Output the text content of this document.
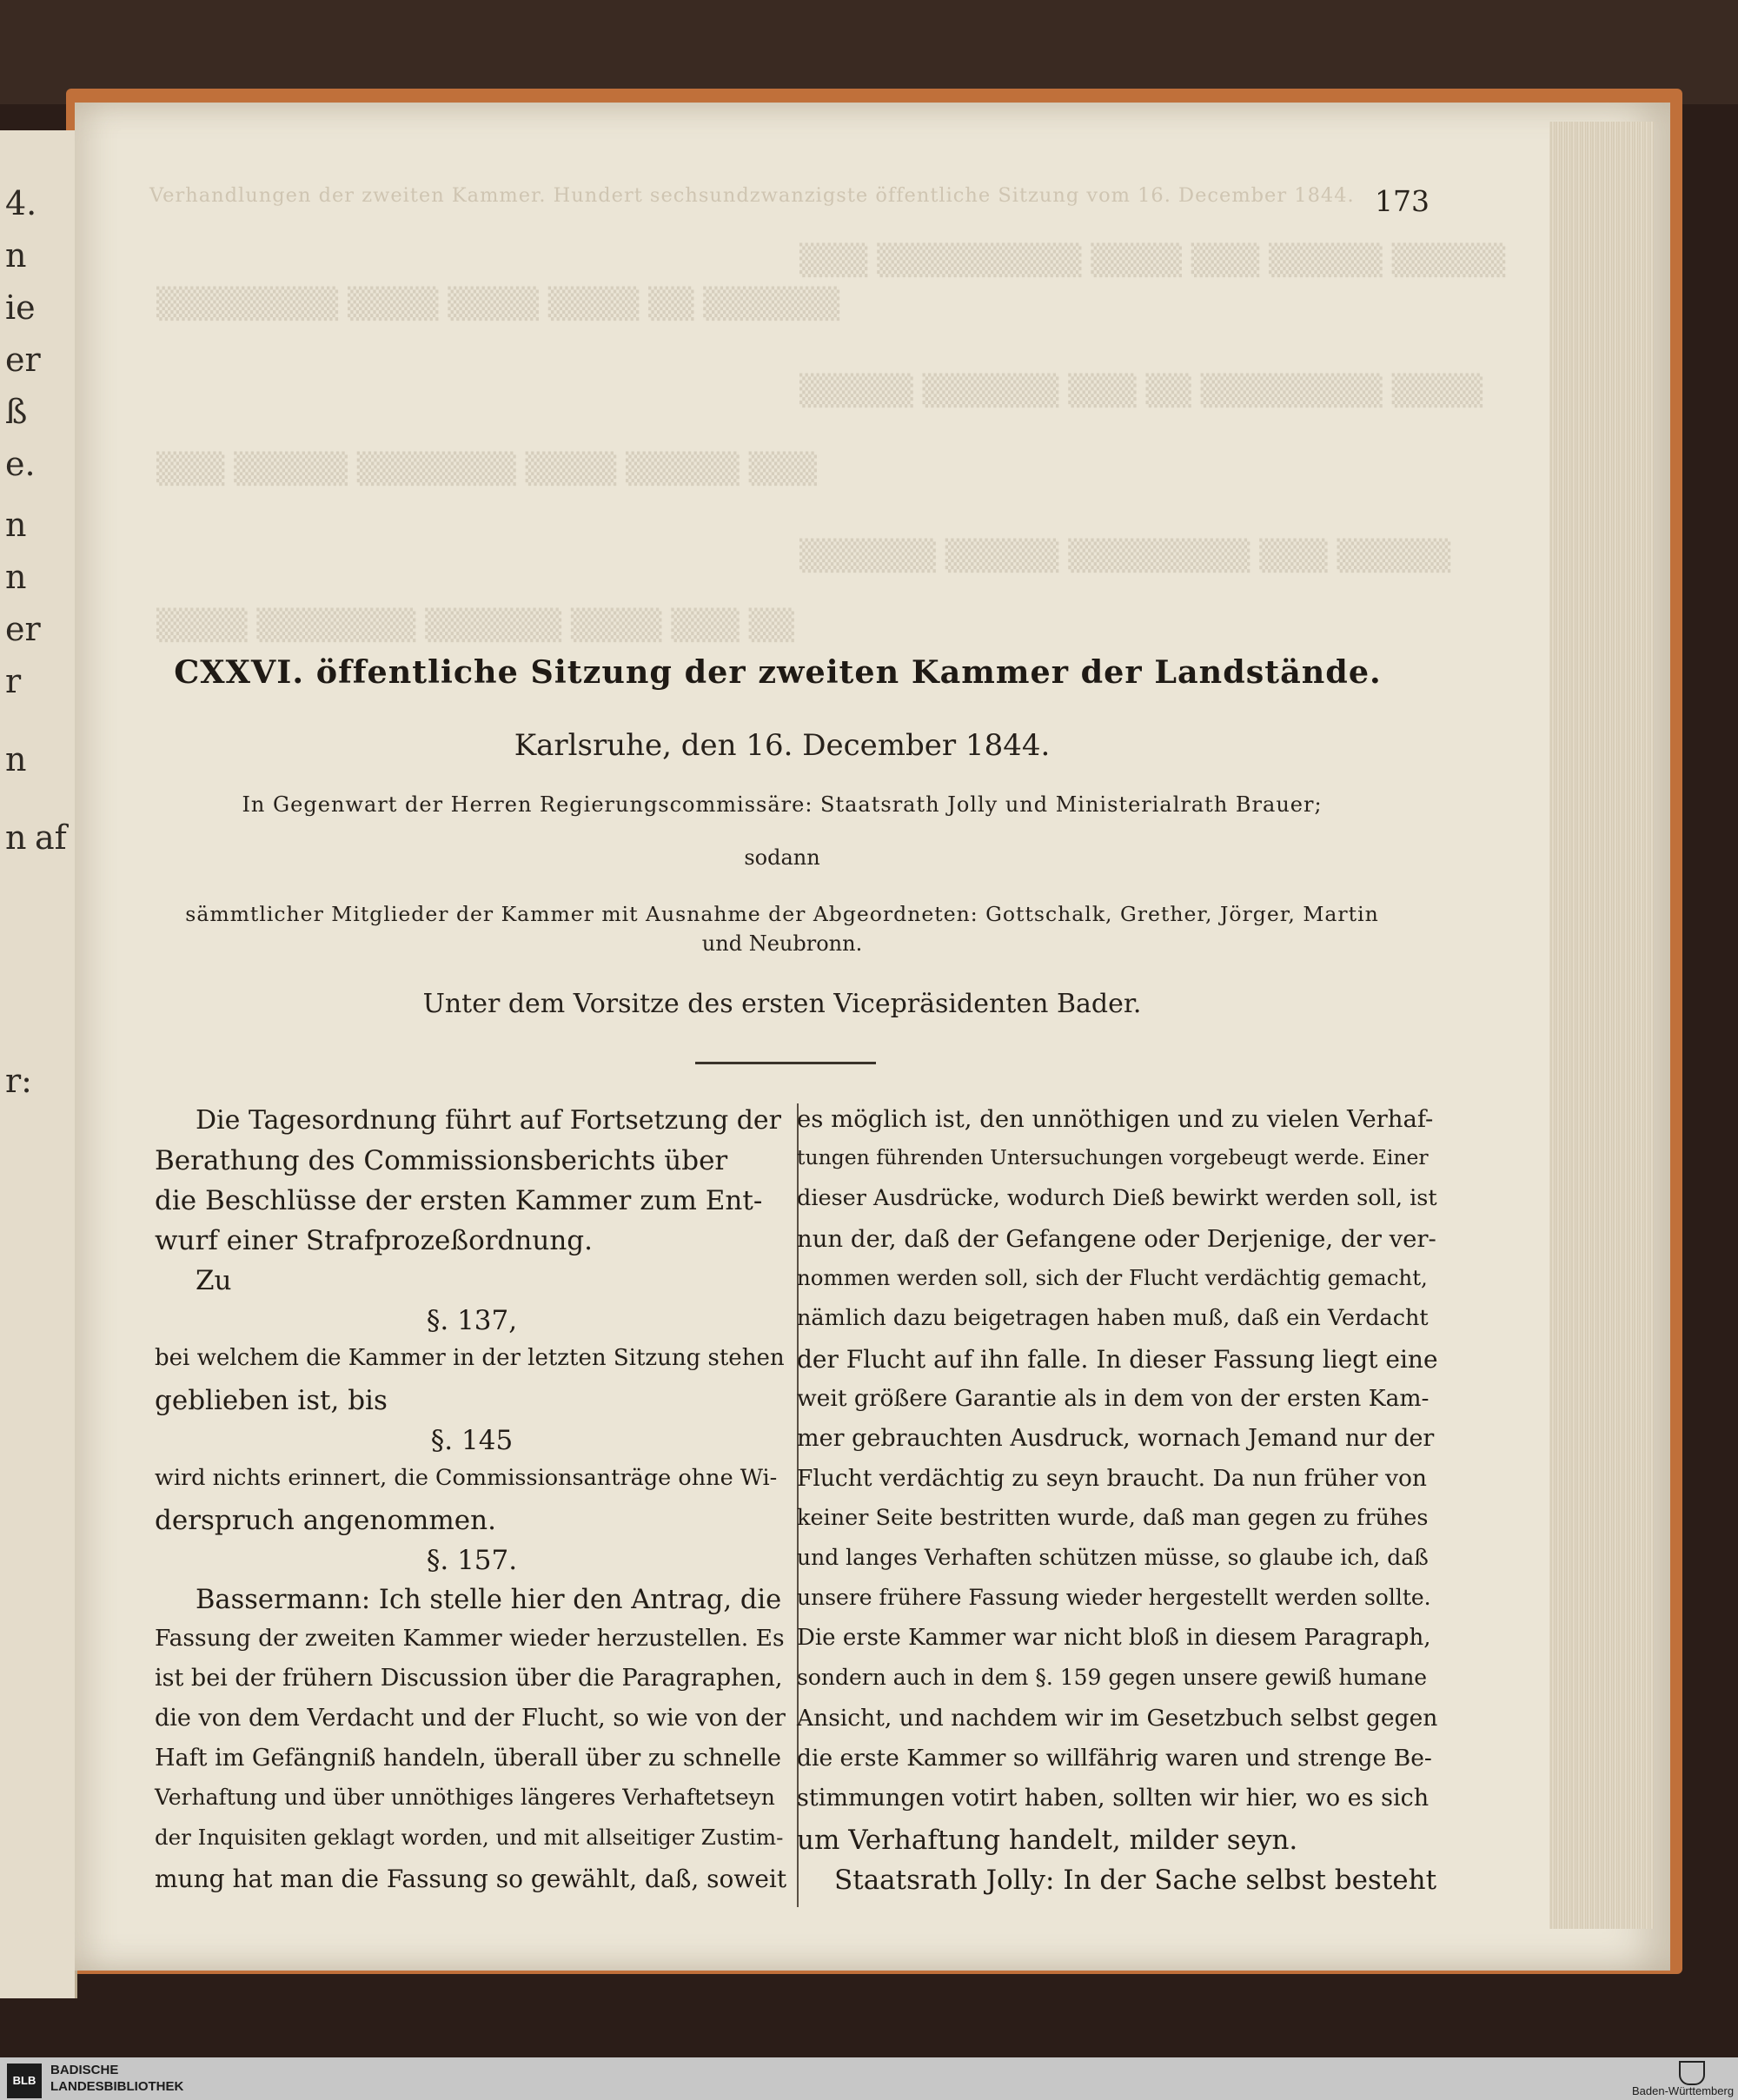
4.
n
ie
er
ß
e.
n
n
er
r
n
n af
r:
▒▒▒ ▒▒▒▒▒▒▒▒▒ ▒▒▒▒ ▒▒▒ ▒▒▒▒▒ ▒▒▒▒▒
▒▒▒▒▒▒▒▒ ▒▒▒▒ ▒▒▒▒ ▒▒▒▒ ▒▒ ▒▒▒▒▒▒
▒▒▒▒▒ ▒▒▒▒▒▒ ▒▒▒ ▒▒ ▒▒▒▒▒▒▒▒ ▒▒▒▒
▒▒▒ ▒▒▒▒▒ ▒▒▒▒▒▒▒ ▒▒▒▒ ▒▒▒▒▒ ▒▒▒
▒▒▒▒▒▒ ▒▒▒▒▒ ▒▒▒▒▒▒▒▒ ▒▒▒ ▒▒▒▒▒
▒▒▒▒ ▒▒▒▒▒▒▒ ▒▒▒▒▒▒ ▒▒▒▒ ▒▒▒ ▒▒
Verhandlungen der zweiten Kammer. Hundert sechsundzwanzigste öffentliche Sitzung vom 16. December 1844. 173
CXXVI. öffentliche Sitzung der zweiten Kammer der Landstände.
Karlsruhe, den 16. December 1844.
In Gegenwart der Herren Regierungscommissäre: Staatsrath Jolly und Ministerialrath Brauer;
sodann
sämmtlicher Mitglieder der Kammer mit Ausnahme der Abgeordneten: Gottschalk, Grether, Jörger, Martin
und Neubronn.
Unter dem Vorsitze des ersten Vicepräsidenten Bader.
Die Tagesordnung führt auf Fortsetzung der
Berathung des Commissionsberichts über
die Beschlüsse der ersten Kammer zum Ent-
wurf einer Strafprozeßordnung.
Zu
§. 137,
bei welchem die Kammer in der letzten Sitzung stehen
geblieben ist, bis
§. 145
wird nichts erinnert, die Commissionsanträge ohne Wi-
derspruch angenommen.
§. 157.
Bassermann: Ich stelle hier den Antrag, die
Fassung der zweiten Kammer wieder herzustellen. Es
ist bei der frühern Discussion über die Paragraphen,
die von dem Verdacht und der Flucht, so wie von der
Haft im Gefängniß handeln, überall über zu schnelle
Verhaftung und über unnöthiges längeres Verhaftetseyn
der Inquisiten geklagt worden, und mit allseitiger Zustim-
mung hat man die Fassung so gewählt, daß, soweit
es möglich ist, den unnöthigen und zu vielen Verhaf-
tungen führenden Untersuchungen vorgebeugt werde. Einer
dieser Ausdrücke, wodurch Dieß bewirkt werden soll, ist
nun der, daß der Gefangene oder Derjenige, der ver-
nommen werden soll, sich der Flucht verdächtig gemacht,
nämlich dazu beigetragen haben muß, daß ein Verdacht
der Flucht auf ihn falle. In dieser Fassung liegt eine
weit größere Garantie als in dem von der ersten Kam-
mer gebrauchten Ausdruck, wornach Jemand nur der
Flucht verdächtig zu seyn braucht. Da nun früher von
keiner Seite bestritten wurde, daß man gegen zu frühes
und langes Verhaften schützen müsse, so glaube ich, daß
unsere frühere Fassung wieder hergestellt werden sollte.
Die erste Kammer war nicht bloß in diesem Paragraph,
sondern auch in dem §. 159 gegen unsere gewiß humane
Ansicht, und nachdem wir im Gesetzbuch selbst gegen
die erste Kammer so willfährig waren und strenge Be-
stimmungen votirt haben, sollten wir hier, wo es sich
um Verhaftung handelt, milder seyn.
Staatsrath Jolly: In der Sache selbst besteht
BLB
BADISCHE
LANDESBIBLIOTHEK	Baden-Württemberg
